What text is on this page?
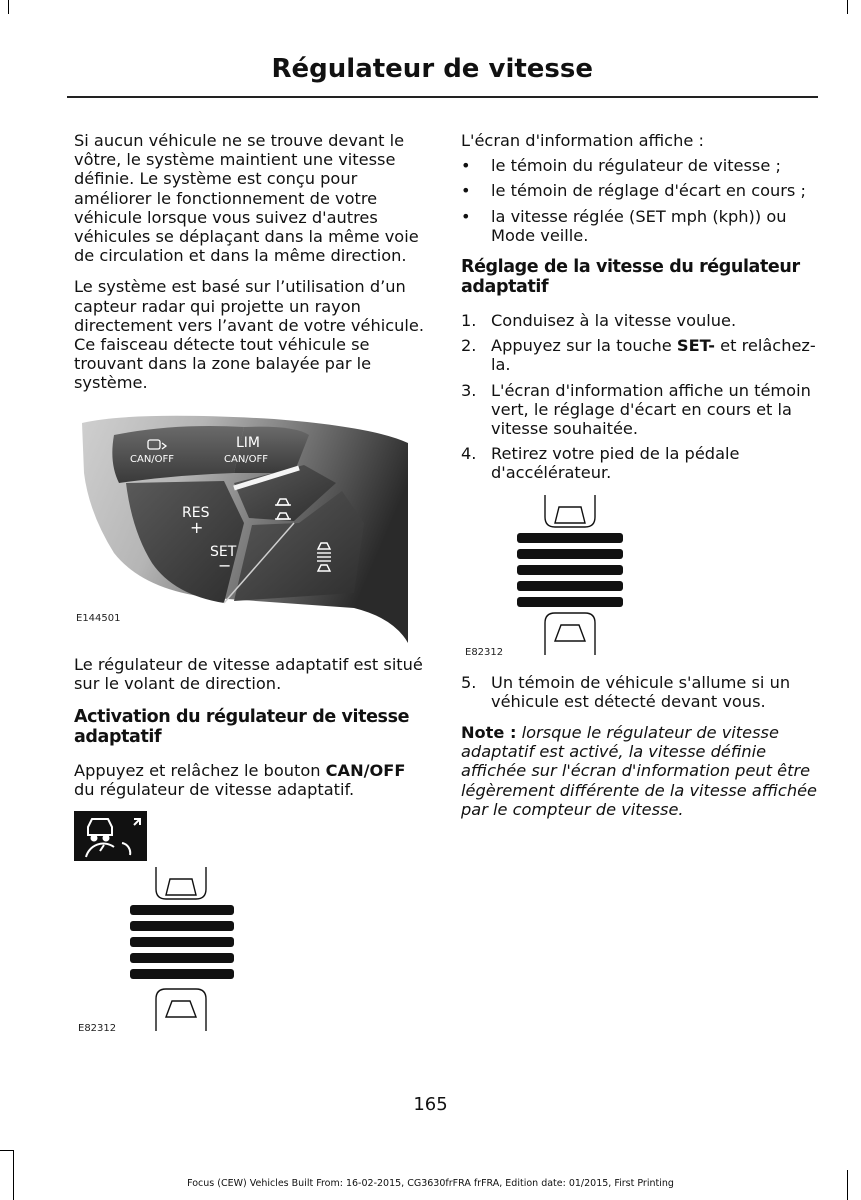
Régulateur de vitesse

Si aucun véhicule ne se trouve devant le vôtre, le système maintient une vitesse définie. Le système est conçu pour améliorer le fonctionnement de votre véhicule lorsque vous suivez d'autres véhicules se déplaçant dans la même voie de circulation et dans la même direction.

Le système est basé sur l’utilisation d’un capteur radar qui projette un rayon directement vers l’avant de votre véhicule. Ce faisceau détecte tout véhicule se trouvant dans la zone balayée par le système.

CAN/OFF
LIM
CAN/OFF
RES
+
SET
−
E144501

Le régulateur de vitesse adaptatif est situé sur le volant de direction.

Activation du régulateur de vitesse adaptatif

Appuyez et relâchez le bouton CAN/OFF du régulateur de vitesse adaptatif.

E82312

L'écran d'information affiche :

• le témoin du régulateur de vitesse ;
• le témoin de réglage d'écart en cours ;
• la vitesse réglée (SET mph (kph)) ou Mode veille.
Réglage de la vitesse du régulateur adaptatif
1. Conduisez à la vitesse voulue.
2. Appuyez sur la touche SET- et relâchez-la.
3. L'écran d'information affiche un témoin vert, le réglage d'écart en cours et la vitesse souhaitée.
4. Retirez votre pied de la pédale d'accélérateur.
E82312
5. Un témoin de véhicule s'allume si un véhicule est détecté devant vous.

Note : lorsque le régulateur de vitesse adaptatif est activé, la vitesse définie affichée sur l'écran d'information peut être légèrement différente de la vitesse affichée par le compteur de vitesse.

165
Focus (CEW) Vehicles Built From: 16-02-2015, CG3630frFRA frFRA, Edition date: 01/2015, First Printing
